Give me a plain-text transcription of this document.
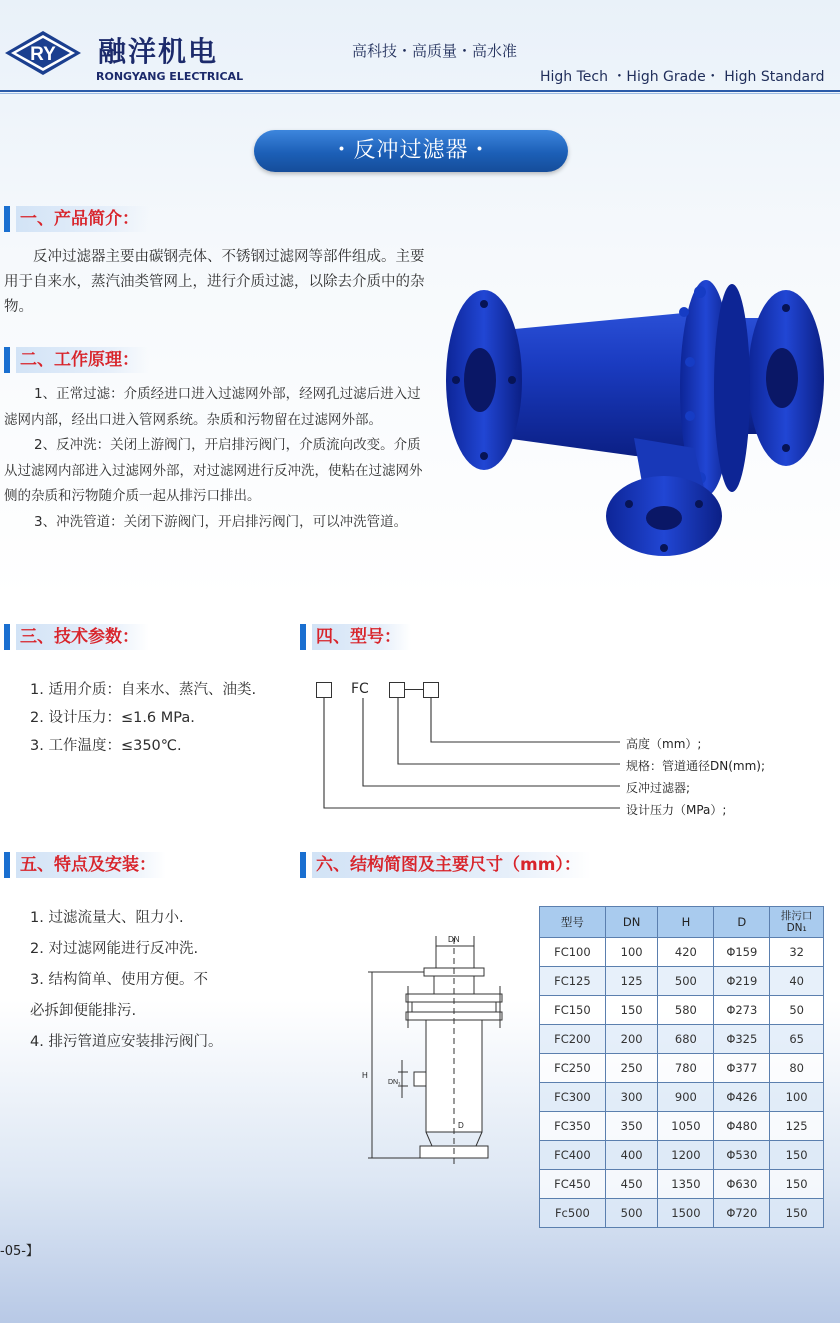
RY 融洋机电
RONGYANG ELECTRICAL
高科技・高质量・高水准
High Tech ・High Grade・ High Standard
・反冲过滤器・
一、产品简介：
反冲过滤器主要由碳钢壳体、不锈钢过滤网等部件组成。主要用于自来水，蒸汽油类管网上，进行介质过滤，以除去介质中的杂物。
二、工作原理：
1、正常过滤：介质经进口进入过滤网外部，经网孔过滤后进入过滤网内部，经出口进入管网系统。杂质和污物留在过滤网外部。
2、反冲洗：关闭上游阀门，开启排污阀门，介质流向改变。介质从过滤网内部进入过滤网外部，对过滤网进行反冲洗，使粘在过滤网外侧的杂质和污物随介质一起从排污口排出。
3、冲洗管道：关闭下游阀门，开启排污阀门，可以冲洗管道。
三、技术参数：
1. 适用介质：自来水、蒸汽、油类.
2. 设计压力：≤1.6 MPa.
3. 工作温度：≤350℃.
四、型号：
FC
高度（mm）;
规格：管道通径DN(mm);
反冲过滤器;
设计压力（MPa）;
五、特点及安装：
1. 过滤流量大、阻力小.
2. 对过滤网能进行反冲洗.
3. 结构简单、使用方便。不
必拆卸便能排污.
4. 排污管道应安装排污阀门。
六、结构简图及主要尺寸（mm）：
DN
H
DN₁
D
型号	DN	H	D	排污口 DN₁
FC100	100	420	Φ159	32
FC125	125	500	Φ219	40
FC150	150	580	Φ273	50
FC200	200	680	Φ325	65
FC250	250	780	Φ377	80
FC300	300	900	Φ426	100
FC350	350	1050	Φ480	125
FC400	400	1200	Φ530	150
FC450	450	1350	Φ630	150
Fc500	500	1500	Φ720	150
-05-】
